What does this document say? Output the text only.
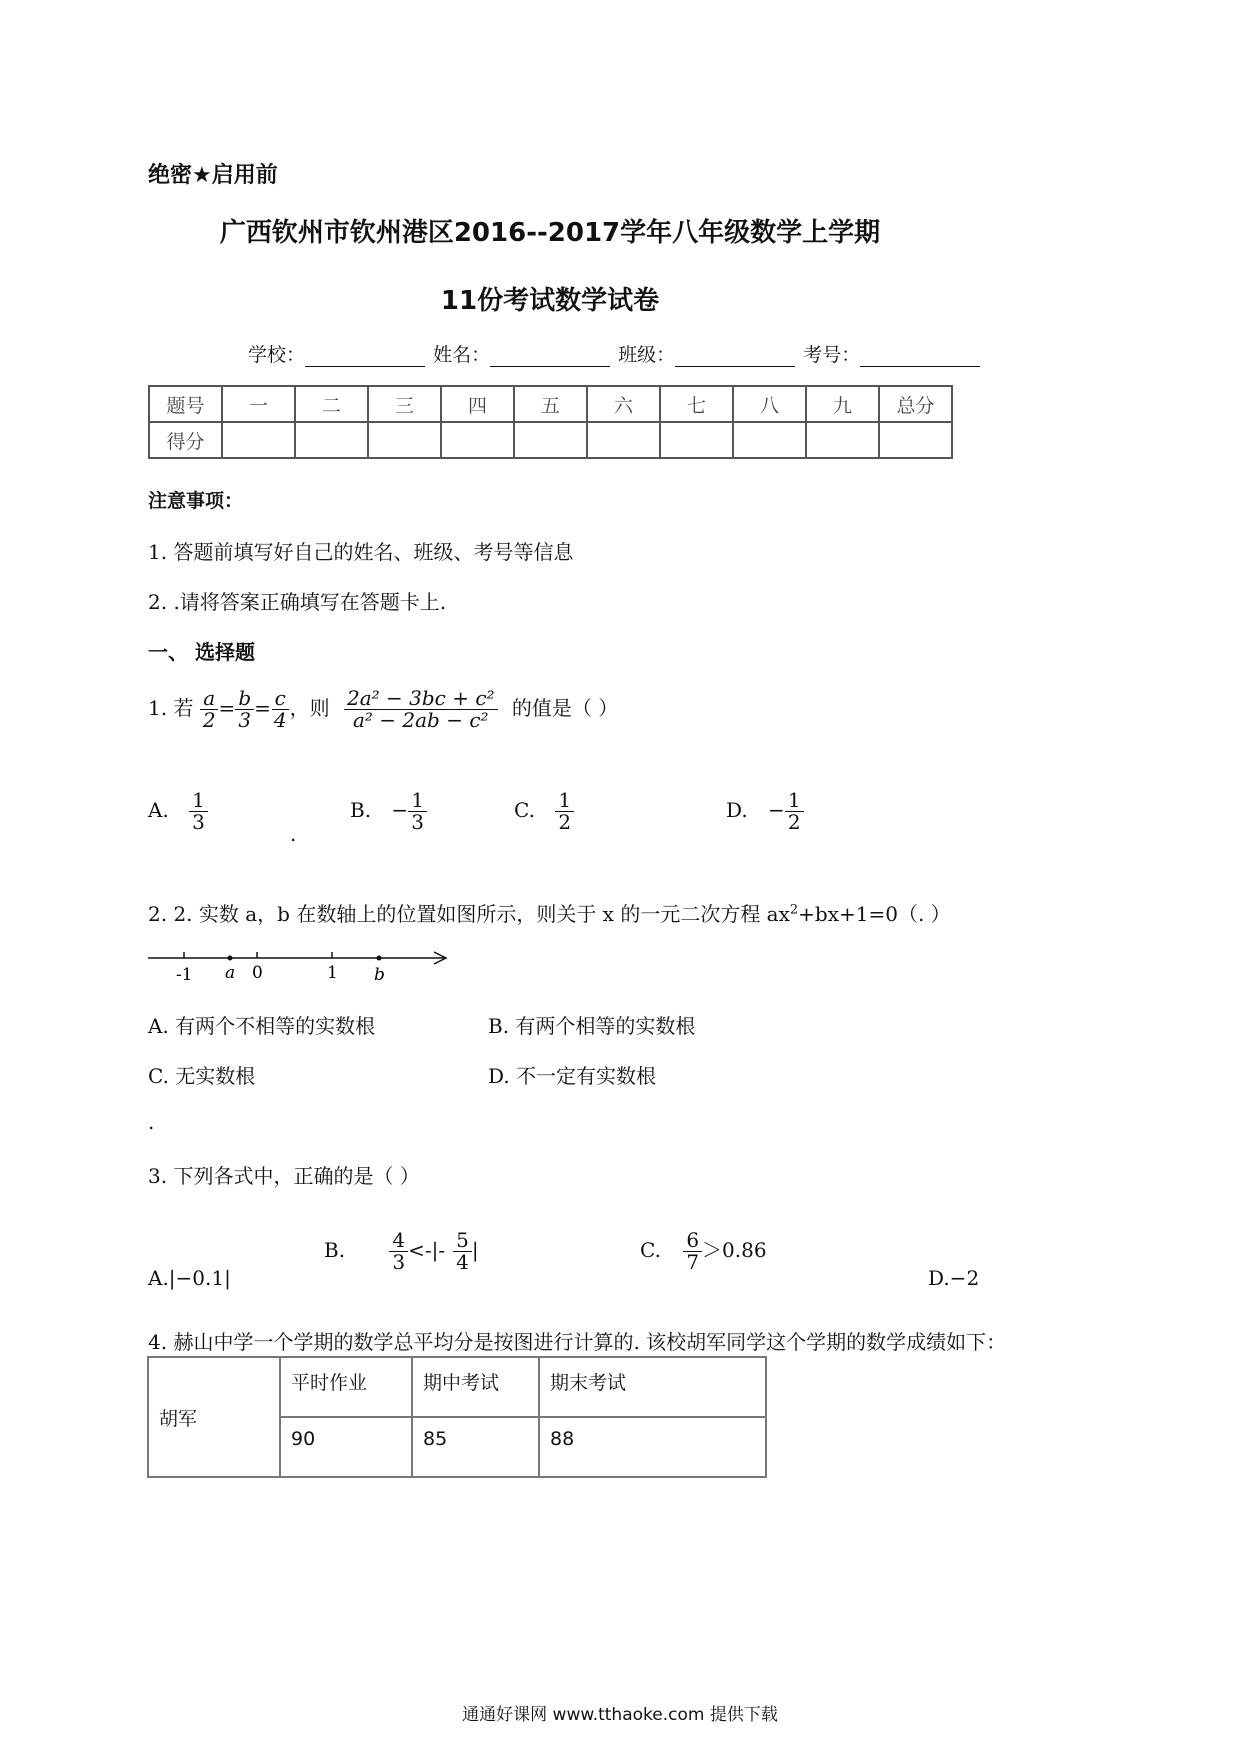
绝密★启用前
广西钦州市钦州港区2016--2017学年八年级数学上学期
11份考试数学试卷
学校：	姓名：	班级：	考号：
题号	一	二	三	四	五	六	七	八	九	总分
得分										
注意事项：
1. 答题前填写好自己的姓名、班级、考号等信息
2. .请将答案正确填写在答题卡上.
一、 选择题
1. 若 $\frac{a}{2} = \frac{b}{3} = \frac{c}{4}$ ，则 $\frac{\text{2a² − 3bc + c²}}{\text{a² − 2ab − c²}}$ 的值是（ ）
A. $\frac{1}{3}$
.
B. − $\frac{1}{3}$	C. $\frac{1}{2}$	D. − $\frac{1}{2}$
2. 2. 实数 a，b 在数轴上的位置如图所示，则关于 x 的一元二次方程 $ax^2+bx+1=0$（. ）
-1	0	1
a	b
A. 有两个不相等的实数根	B. 有两个相等的实数根
C. 无实数根	D. 不一定有实数根
.
3. 下列各式中，正确的是（ ）
A.|−0.1|
B. $\frac{4}{3}$ <-|- $\frac{5}{4}$ |	C. $\frac{6}{7} >0.86$
D.−2
4. 赫山中学一个学期的数学总平均分是按图进行计算的. 该校胡军同学这个学期的数学成绩如下：
胡军	平时作业	期中考试	期末考试
	90	85	88
通通好课网 www.tthaoke.com 提供下载
